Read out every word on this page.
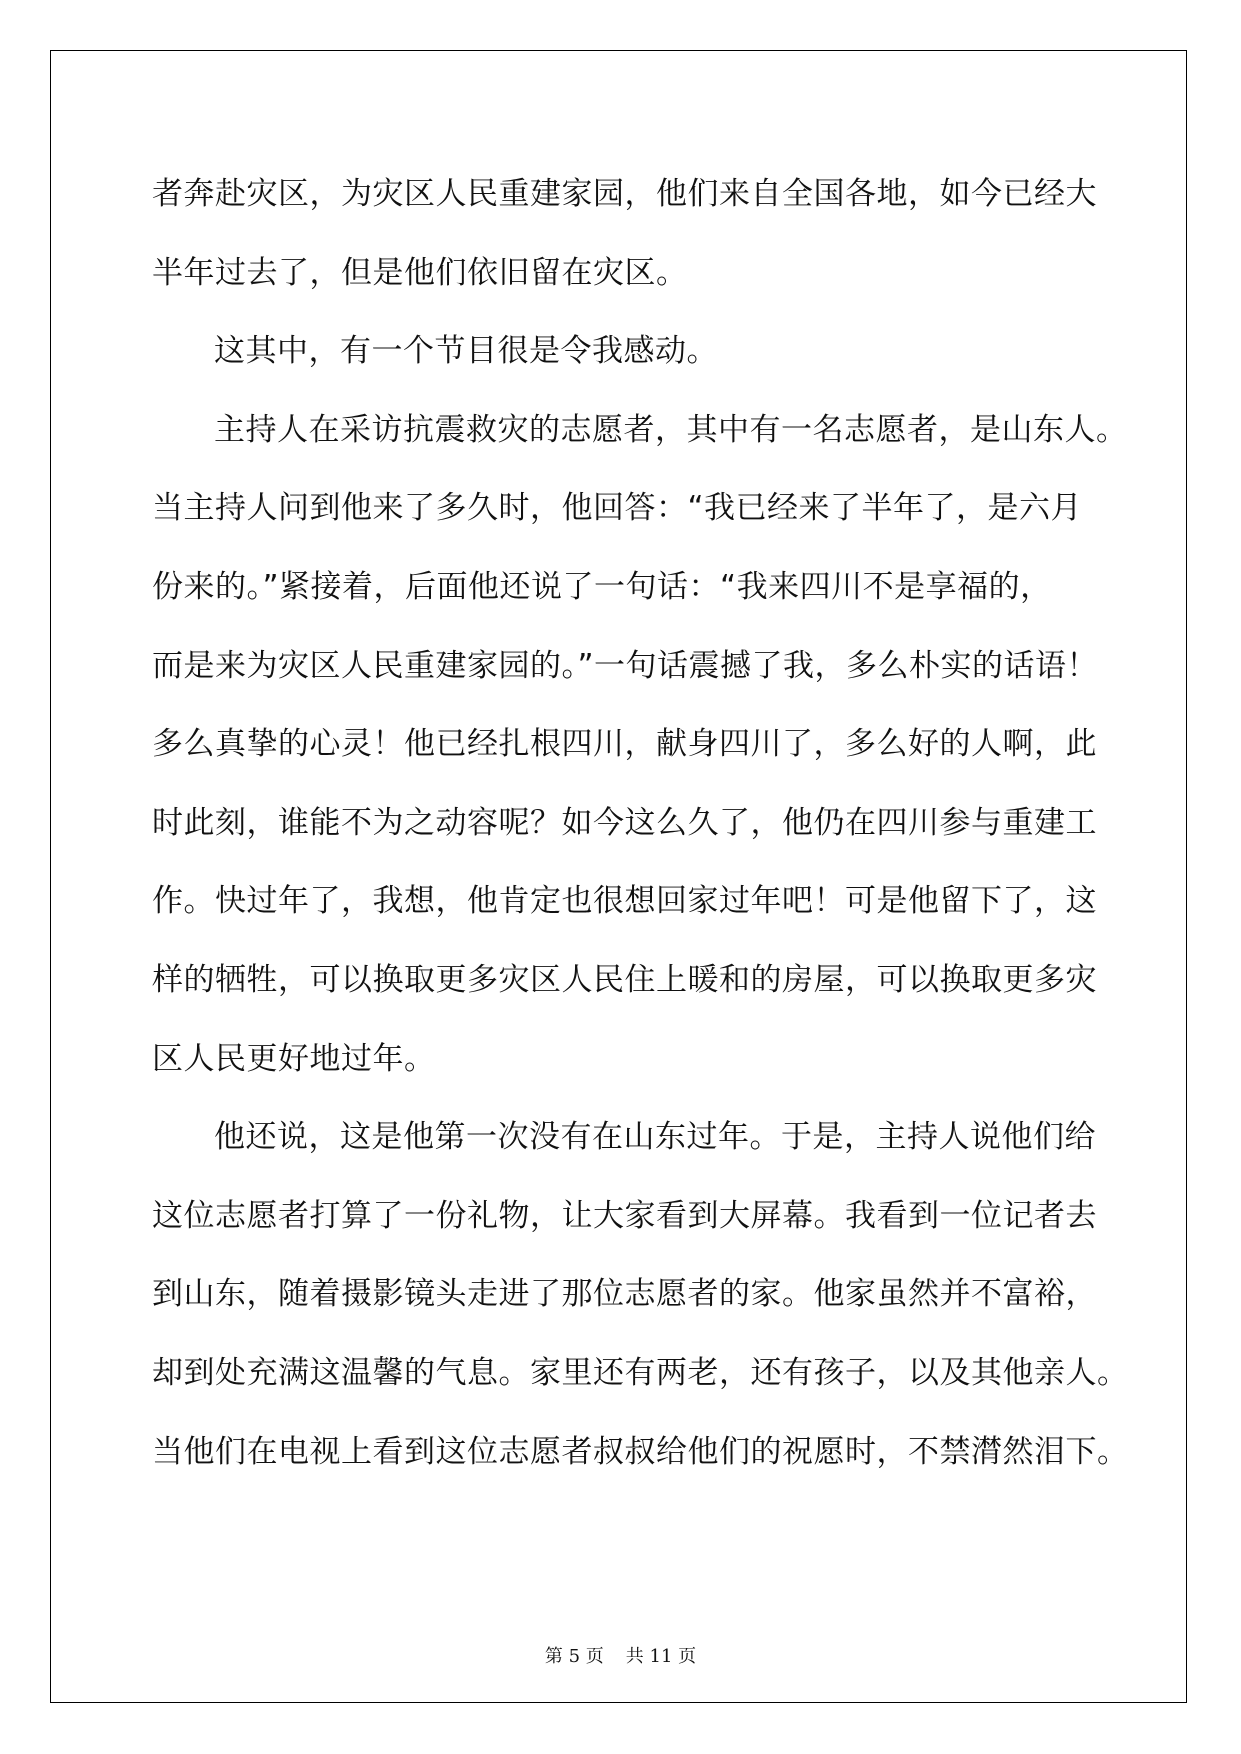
者奔赴灾区，为灾区人民重建家园，他们来自全国各地，如今已经大
半年过去了，但是他们依旧留在灾区。
这其中，有一个节目很是令我感动。
主持人在采访抗震救灾的志愿者，其中有一名志愿者，是山东人。
当主持人问到他来了多久时，他回答：“我已经来了半年了，是六月
份来的。”紧接着，后面他还说了一句话：“我来四川不是享福的，
而是来为灾区人民重建家园的。”一句话震撼了我，多么朴实的话语！
多么真挚的心灵！他已经扎根四川，献身四川了，多么好的人啊，此
时此刻，谁能不为之动容呢？如今这么久了，他仍在四川参与重建工
作。快过年了，我想，他肯定也很想回家过年吧！可是他留下了，这
样的牺牲，可以换取更多灾区人民住上暖和的房屋，可以换取更多灾
区人民更好地过年。
他还说，这是他第一次没有在山东过年。于是，主持人说他们给
这位志愿者打算了一份礼物，让大家看到大屏幕。我看到一位记者去
到山东，随着摄影镜头走进了那位志愿者的家。他家虽然并不富裕，
却到处充满这温馨的气息。家里还有两老，还有孩子，以及其他亲人。
当他们在电视上看到这位志愿者叔叔给他们的祝愿时，不禁潸然泪下。
第 5 页 共 11 页
